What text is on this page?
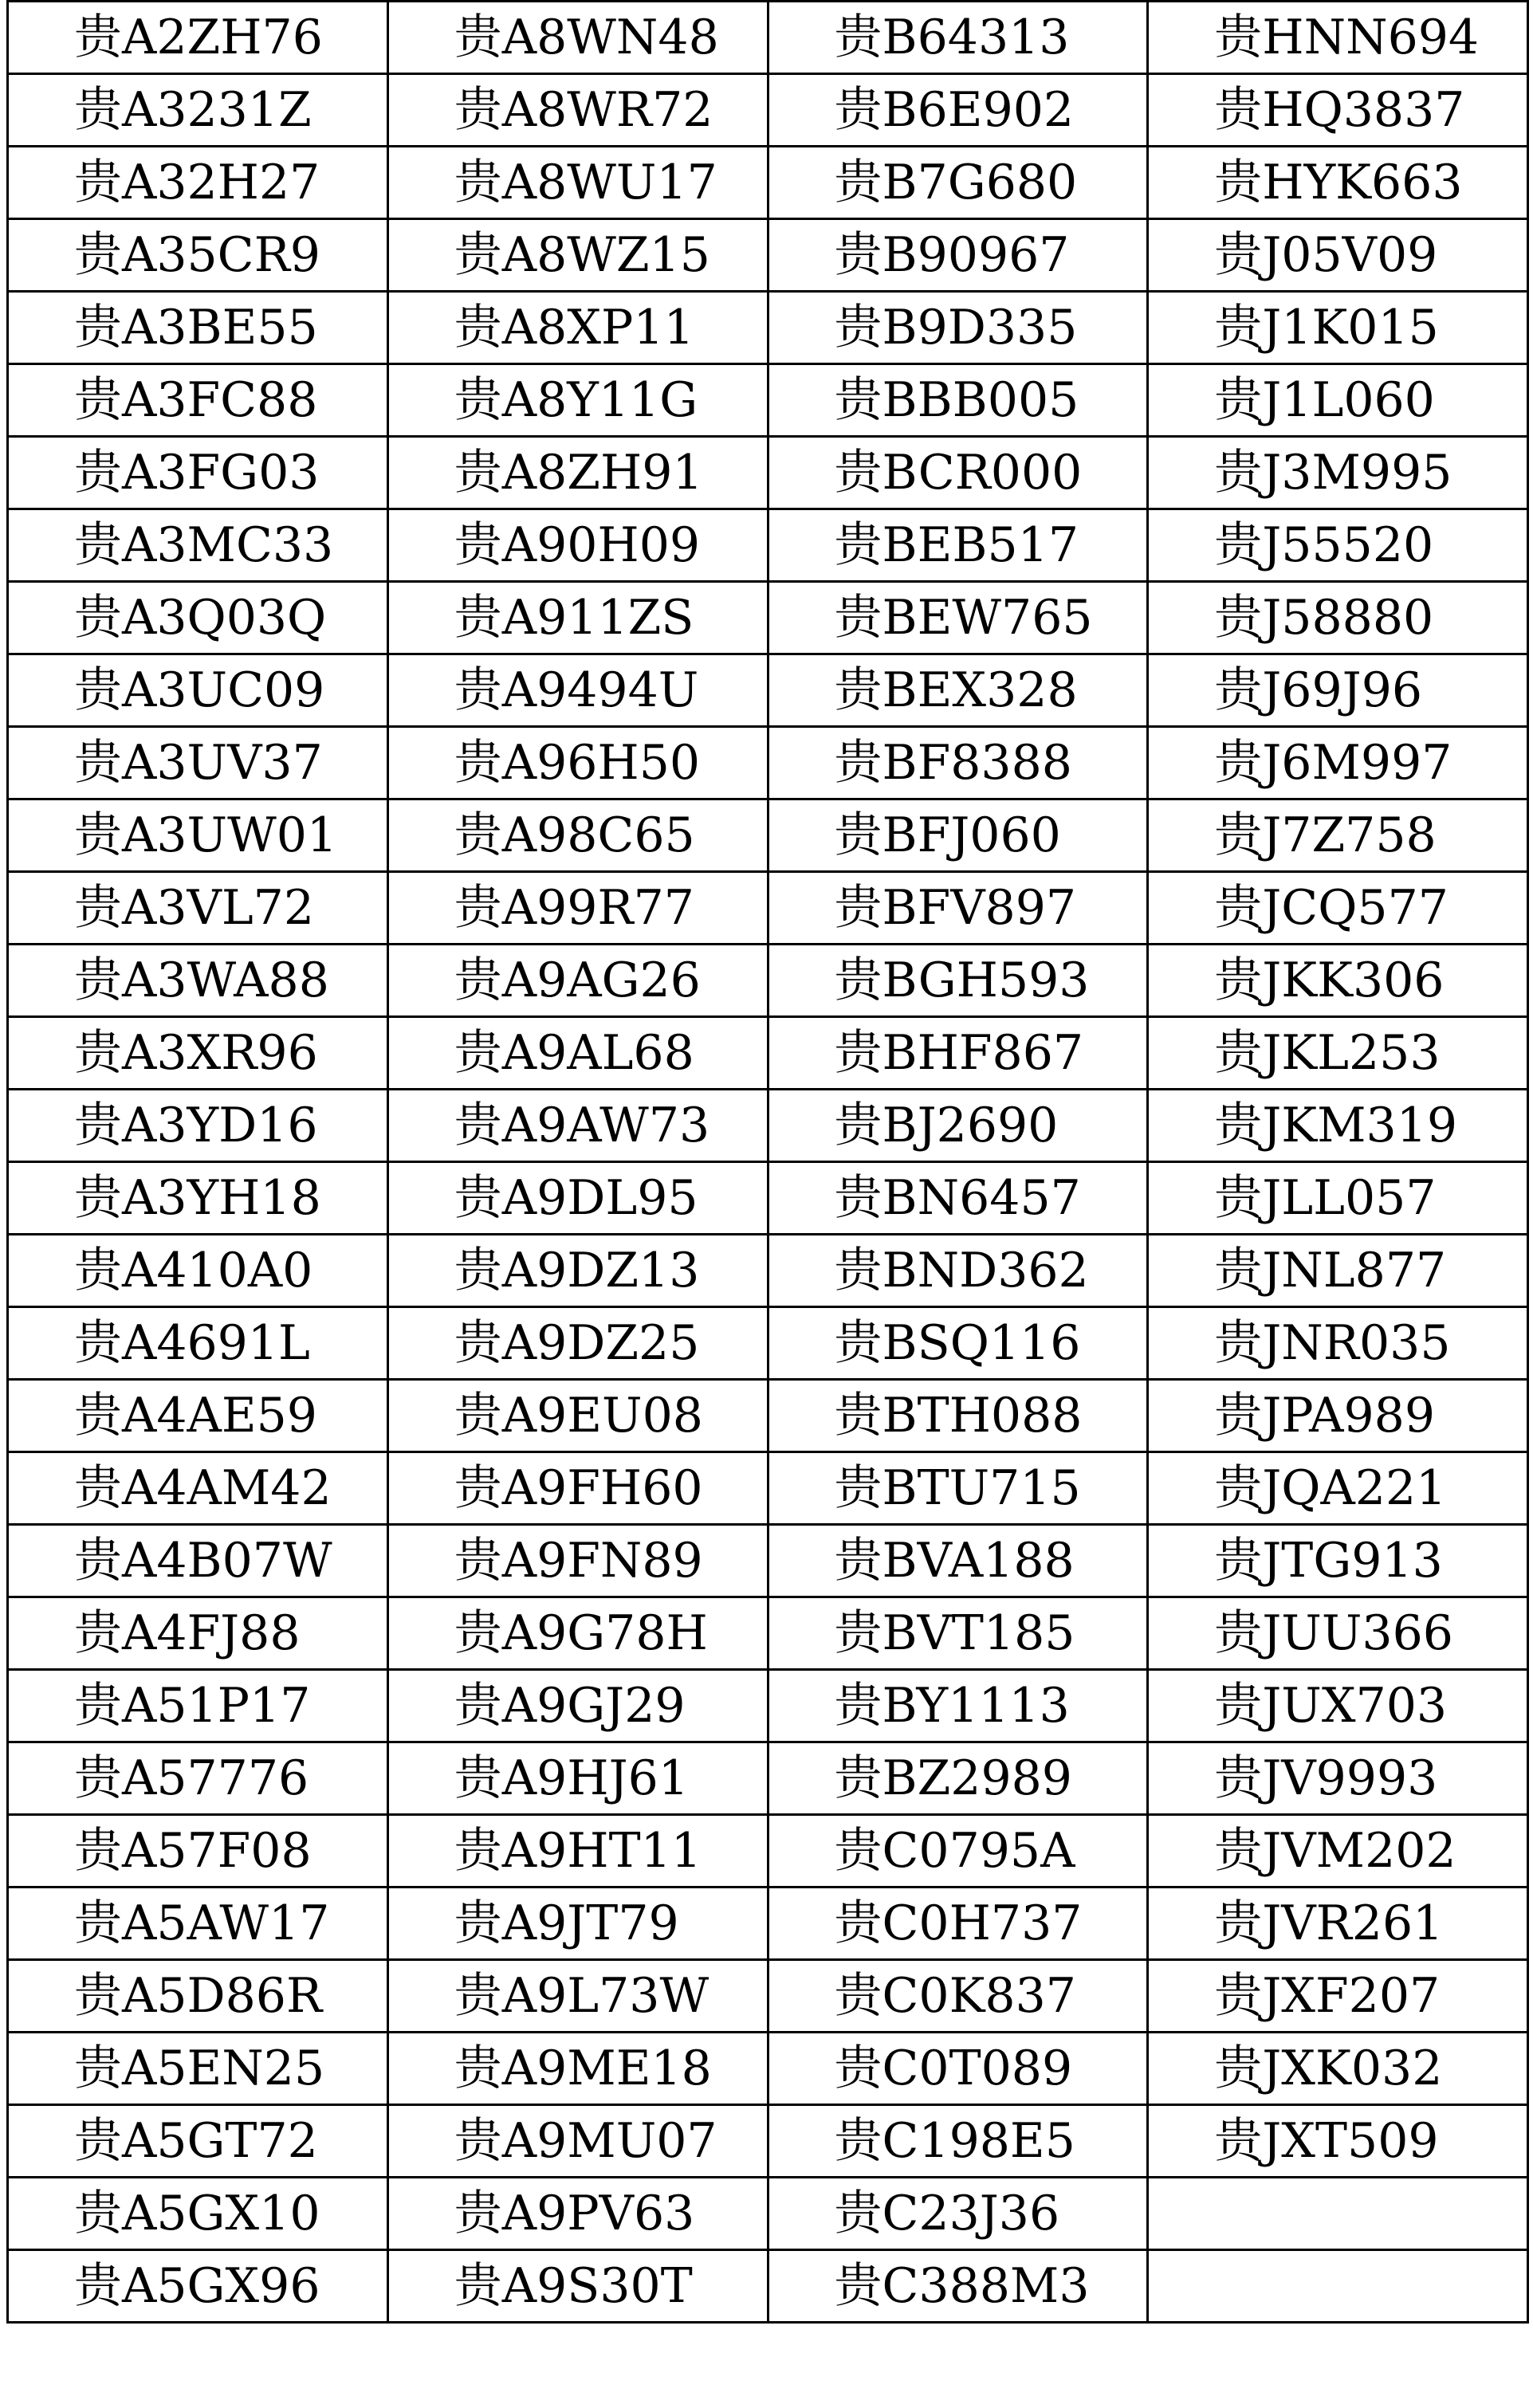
贵A2ZH76	贵A8WN48	贵B64313	贵HNN694
贵A3231Z	贵A8WR72	贵B6E902	贵HQ3837
贵A32H27	贵A8WU17	贵B7G680	贵HYK663
贵A35CR9	贵A8WZ15	贵B90967	贵J05V09
贵A3BE55	贵A8XP11	贵B9D335	贵J1K015
贵A3FC88	贵A8Y11G	贵BBB005	贵J1L060
贵A3FG03	贵A8ZH91	贵BCR000	贵J3M995
贵A3MC33	贵A90H09	贵BEB517	贵J55520
贵A3Q03Q	贵A911ZS	贵BEW765	贵J58880
贵A3UC09	贵A9494U	贵BEX328	贵J69J96
贵A3UV37	贵A96H50	贵BF8388	贵J6M997
贵A3UW01	贵A98C65	贵BFJ060	贵J7Z758
贵A3VL72	贵A99R77	贵BFV897	贵JCQ577
贵A3WA88	贵A9AG26	贵BGH593	贵JKK306
贵A3XR96	贵A9AL68	贵BHF867	贵JKL253
贵A3YD16	贵A9AW73	贵BJ2690	贵JKM319
贵A3YH18	贵A9DL95	贵BN6457	贵JLL057
贵A410A0	贵A9DZ13	贵BND362	贵JNL877
贵A4691L	贵A9DZ25	贵BSQ116	贵JNR035
贵A4AE59	贵A9EU08	贵BTH088	贵JPA989
贵A4AM42	贵A9FH60	贵BTU715	贵JQA221
贵A4B07W	贵A9FN89	贵BVA188	贵JTG913
贵A4FJ88	贵A9G78H	贵BVT185	贵JUU366
贵A51P17	贵A9GJ29	贵BY1113	贵JUX703
贵A57776	贵A9HJ61	贵BZ2989	贵JV9993
贵A57F08	贵A9HT11	贵C0795A	贵JVM202
贵A5AW17	贵A9JT79	贵C0H737	贵JVR261
贵A5D86R	贵A9L73W	贵C0K837	贵JXF207
贵A5EN25	贵A9ME18	贵C0T089	贵JXK032
贵A5GT72	贵A9MU07	贵C198E5	贵JXT509
贵A5GX10	贵A9PV63	贵C23J36	
贵A5GX96	贵A9S30T	贵C388M3	
